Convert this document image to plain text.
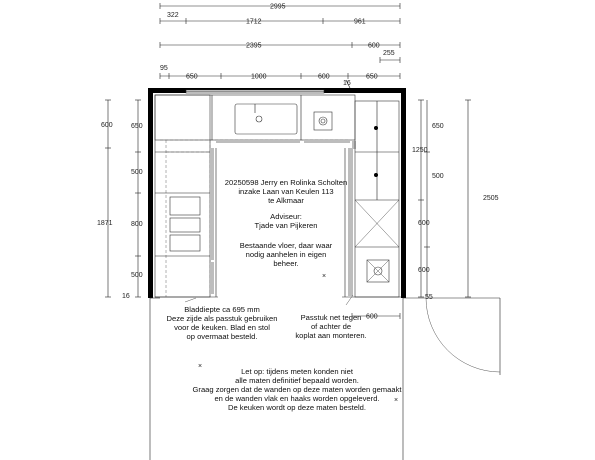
2995
322
1712	961
2395	600
255
95
650	1000	600	650
600
1871
16
650
500
800
500
1250
650
500
600
600
2505
600
55
16
×
×
×
20250598 Jerry en Rolinka Scholten
inzake Laan van Keulen 113
te Alkmaar
Adviseur:
Tjade van Pijkeren
Bestaande vloer, daar waar
nodig aanhelen in eigen
beheer.
Bladdiepte ca 695 mm
Deze zijde als passtuk gebruiken
voor de keuken. Blad en stol
op overmaat besteld.
Passtuk net tegen
of achter de
koplat aan monteren.
Let op: tijdens meten konden niet
alle maten definitief bepaald worden.
Graag zorgen dat de wanden op deze maten worden gemaakt
en de wanden vlak en haaks worden opgeleverd.
De keuken wordt op deze maten besteld.
